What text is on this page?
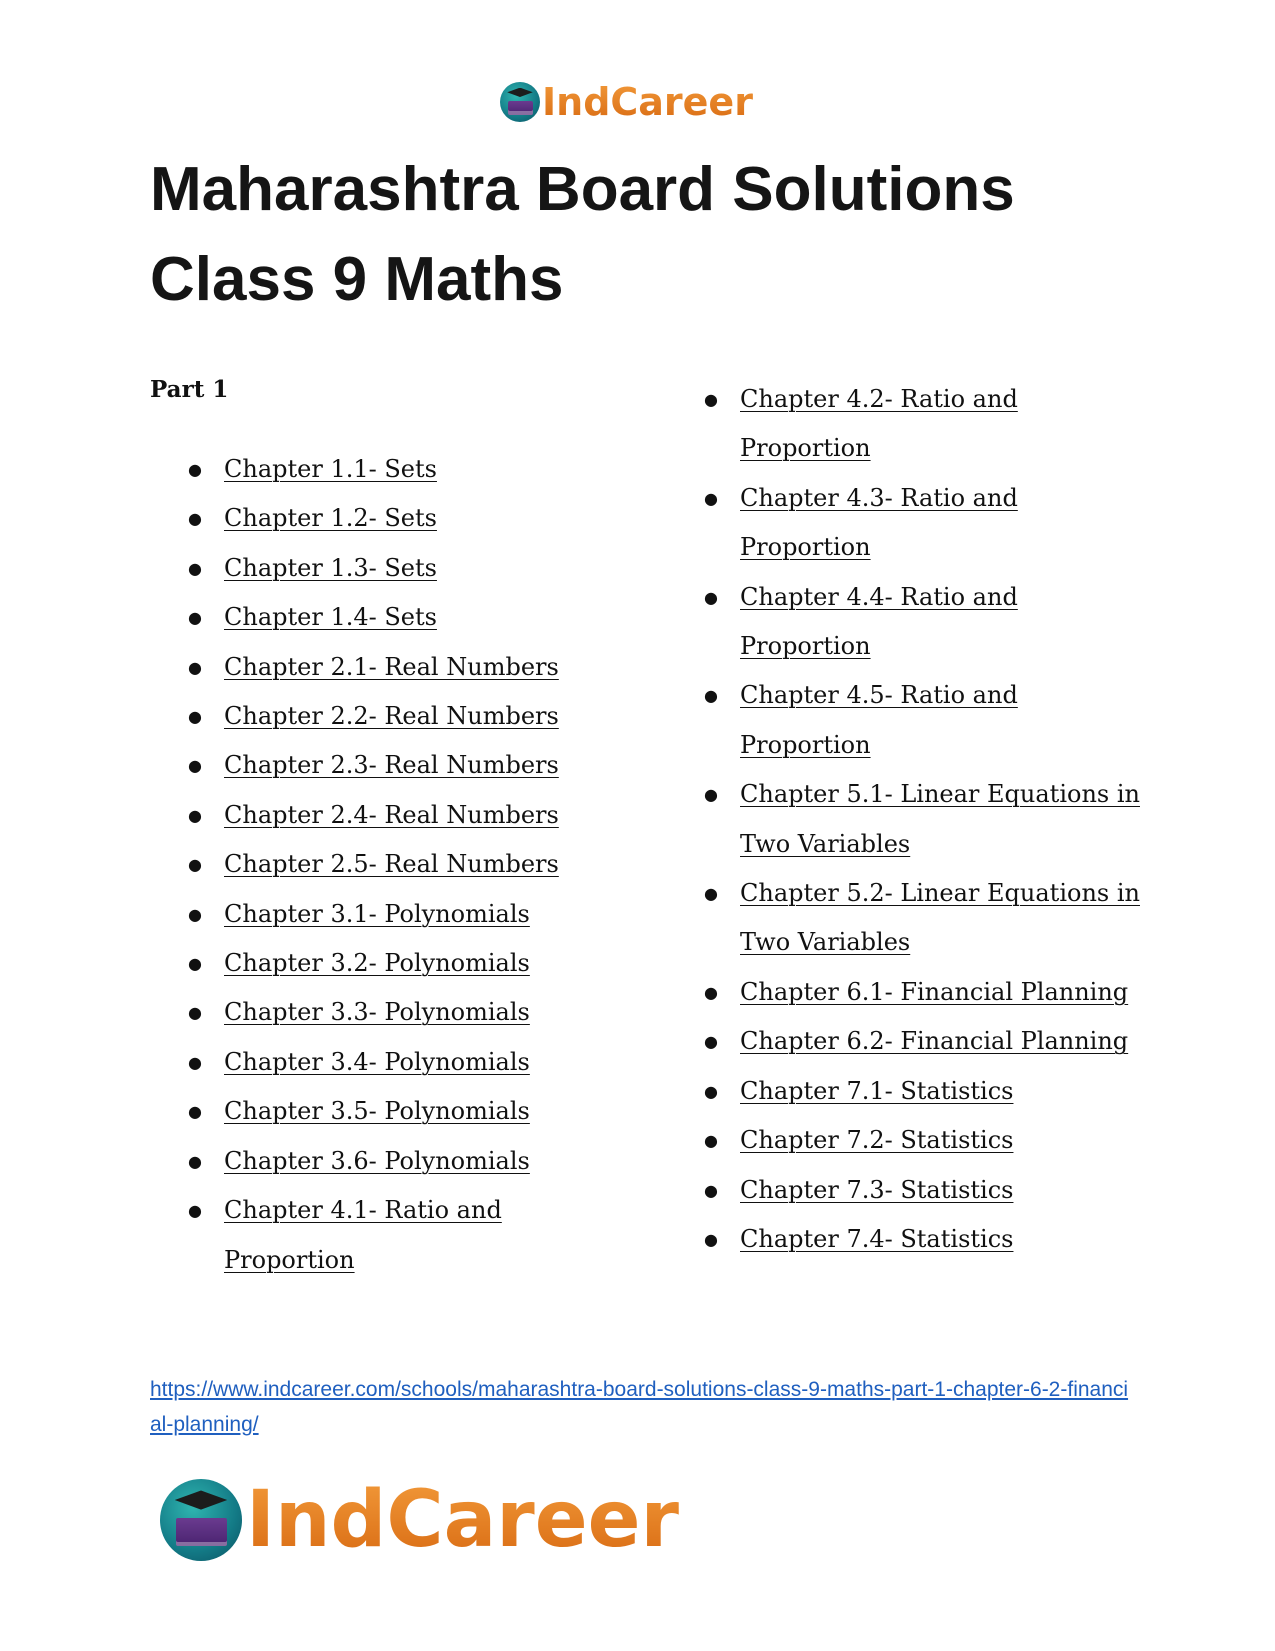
IndCareer
Maharashtra Board Solutions
Class 9 Maths
Part 1
● Chapter 1.1- Sets
● Chapter 1.2- Sets
● Chapter 1.3- Sets
● Chapter 1.4- Sets
● Chapter 2.1- Real Numbers
● Chapter 2.2- Real Numbers
● Chapter 2.3- Real Numbers
● Chapter 2.4- Real Numbers
● Chapter 2.5- Real Numbers
● Chapter 3.1- Polynomials
● Chapter 3.2- Polynomials
● Chapter 3.3- Polynomials
● Chapter 3.4- Polynomials
● Chapter 3.5- Polynomials
● Chapter 3.6- Polynomials
● Chapter 4.1- Ratio and Proportion
● Chapter 4.2- Ratio and Proportion
● Chapter 4.3- Ratio and Proportion
● Chapter 4.4- Ratio and Proportion
● Chapter 4.5- Ratio and Proportion
● Chapter 5.1- Linear Equations in Two Variables
● Chapter 5.2- Linear Equations in Two Variables
● Chapter 6.1- Financial Planning
● Chapter 6.2- Financial Planning
● Chapter 7.1- Statistics
● Chapter 7.2- Statistics
● Chapter 7.3- Statistics
● Chapter 7.4- Statistics
https://www.indcareer.com/schools/maharashtra-board-solutions-class-9-maths-part-1-chapter-6-2-financial-planning/
IndCareer
